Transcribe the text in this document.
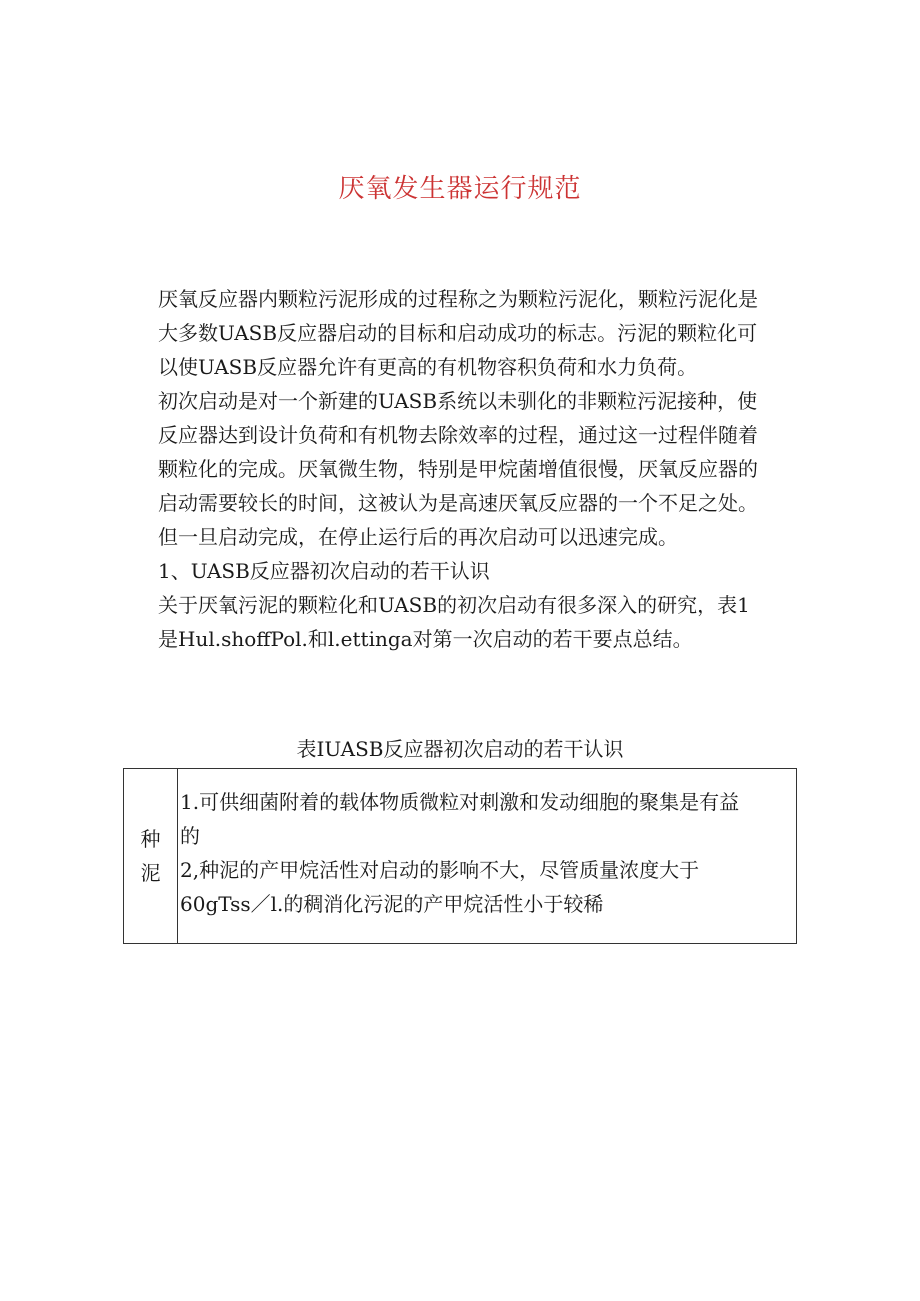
厌氧发生器运行规范

厌氧反应器内颗粒污泥形成的过程称之为颗粒污泥化，颗粒污泥化是

大多数UASB反应器启动的目标和启动成功的标志。污泥的颗粒化可

以使UASB反应器允许有更高的有机物容积负荷和水力负荷。

初次启动是对一个新建的UASB系统以未驯化的非颗粒污泥接种，使

反应器达到设计负荷和有机物去除效率的过程，通过这一过程伴随着

颗粒化的完成。厌氧微生物，特别是甲烷菌增值很慢，厌氧反应器的

启动需要较长的时间，这被认为是高速厌氧反应器的一个不足之处。

但一旦启动完成，在停止运行后的再次启动可以迅速完成。

1、UASB反应器初次启动的若干认识

关于厌氧污泥的颗粒化和UASB的初次启动有很多深入的研究，表1

是Hul.shoffPol.和l.ettinga对第一次启动的若干要点总结。

表IUASB反应器初次启动的若干认识
种
泥

1.可供细菌附着的载体物质微粒对刺激和发动细胞的聚集是有益

的

2,种泥的产甲烷活性对启动的影响不大，尽管质量浓度大于

60gTss／l.的稠消化污泥的产甲烷活性小于较稀
